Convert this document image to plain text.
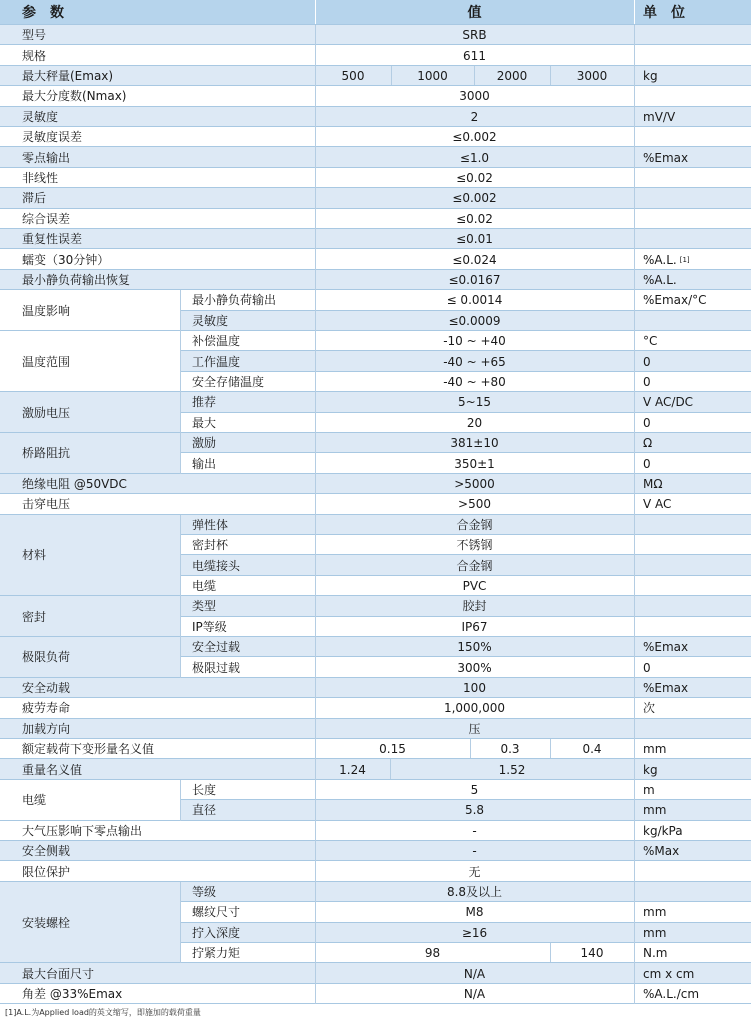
参　数	值	单　位
型号	SRB
规格	611
最大秤量(Emax)	500	1000	2000	3000	kg
最大分度数(Nmax)	3000
灵敏度	2	mV/V
灵敏度误差	≤0.002
零点输出	≤1.0	%Emax
非线性	≤0.02
滞后	≤0.002
综合误差	≤0.02
重复性误差	≤0.01
蠕变（30分钟）	≤0.024	%A.L. [1]
最小静负荷输出恢复	≤0.0167	%A.L.
温度影响
最小静负荷输出	≤ 0.0014	%Emax/°C
灵敏度	≤0.0009
温度范围
补偿温度	-10 ~ +40	°C
工作温度	-40 ~ +65	0
安全存储温度	-40 ~ +80	0
激励电压
推荐	5~15	V AC/DC
最大	20	0
桥路阻抗
激励	381±10	Ω
输出	350±1	0
绝缘电阻 @50VDC	>5000	MΩ
击穿电压	>500	V AC
材料
弹性体	合金钢
密封杯	不锈钢
电缆接头	合金钢
电缆	PVC
密封
类型	胶封
IP等级	IP67
极限负荷
安全过载	150%	%Emax
极限过载	300%	0
安全动载	100	%Emax
疲劳寿命	1,000,000	次
加载方向	压
额定载荷下变形量名义值	0.15	0.3	0.4	mm
重量名义值	1.24	1.52	kg
电缆
长度	5	m
直径	5.8	mm
大气压影响下零点输出	-	kg/kPa
安全侧载	-	%Max
限位保护	无
安装螺栓
等级	8.8及以上
螺纹尺寸	M8	mm
拧入深度	≥16	mm
拧紧力矩	98	140	N.m
最大台面尺寸	N/A	cm x cm
角差 @33%Emax	N/A	%A.L./cm
[1]A.L.为Applied load的英文缩写，即施加的载荷重量
